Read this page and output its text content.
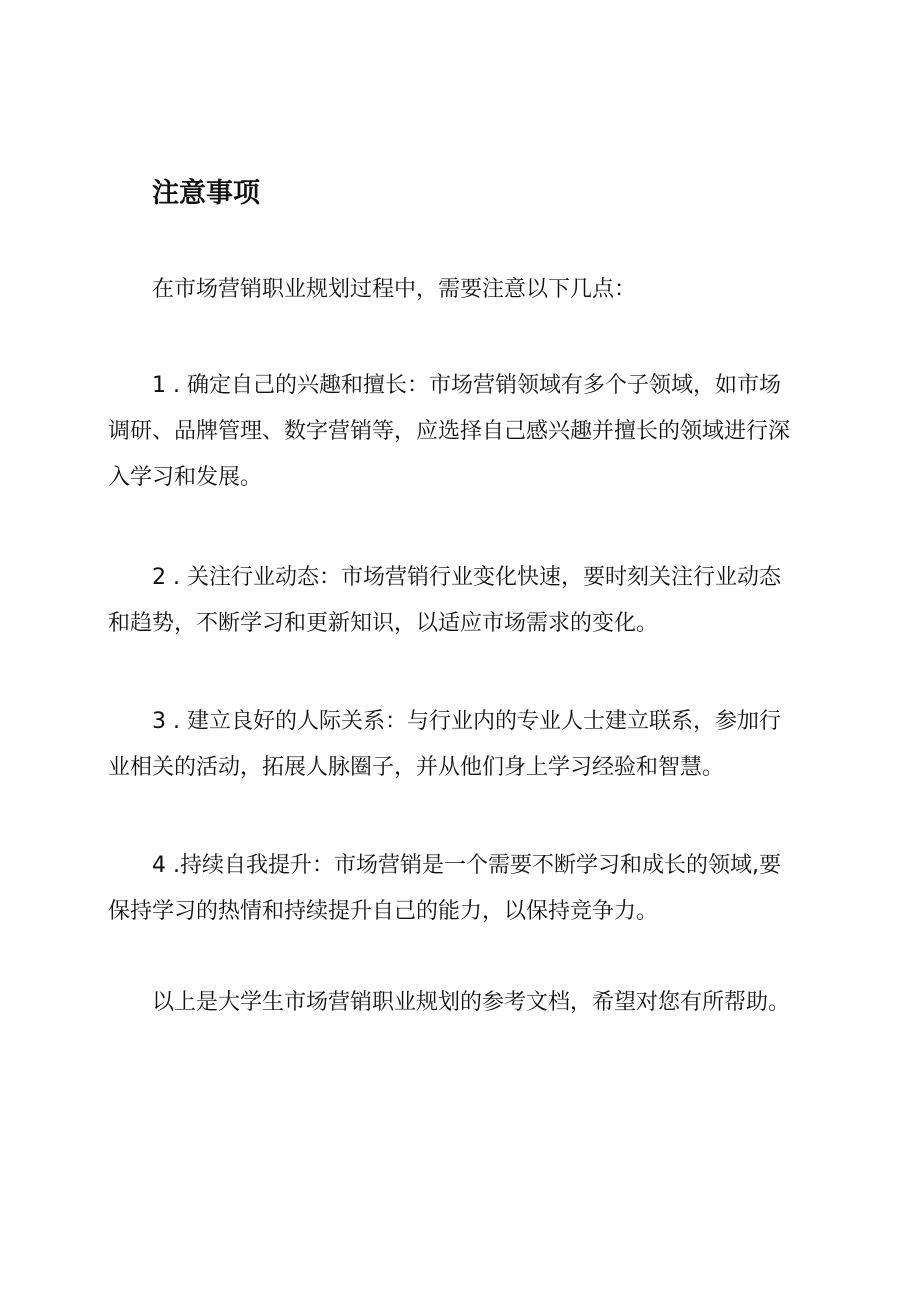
注意事项
在市场营销职业规划过程中，需要注意以下几点：
1 . 确定自己的兴趣和擅长：市场营销领域有多个子领域，如市场
调研、品牌管理、数字营销等，应选择自己感兴趣并擅长的领域进行深
入学习和发展。
2 . 关注行业动态：市场营销行业变化快速，要时刻关注行业动态
和趋势，不断学习和更新知识，以适应市场需求的变化。
3 . 建立良好的人际关系：与行业内的专业人士建立联系，参加行
业相关的活动，拓展人脉圈子，并从他们身上学习经验和智慧。
4 .持续自我提升：市场营销是一个需要不断学习和成长的领域,要
保持学习的热情和持续提升自己的能力，以保持竞争力。
以上是大学生市场营销职业规划的参考文档，希望对您有所帮助。
